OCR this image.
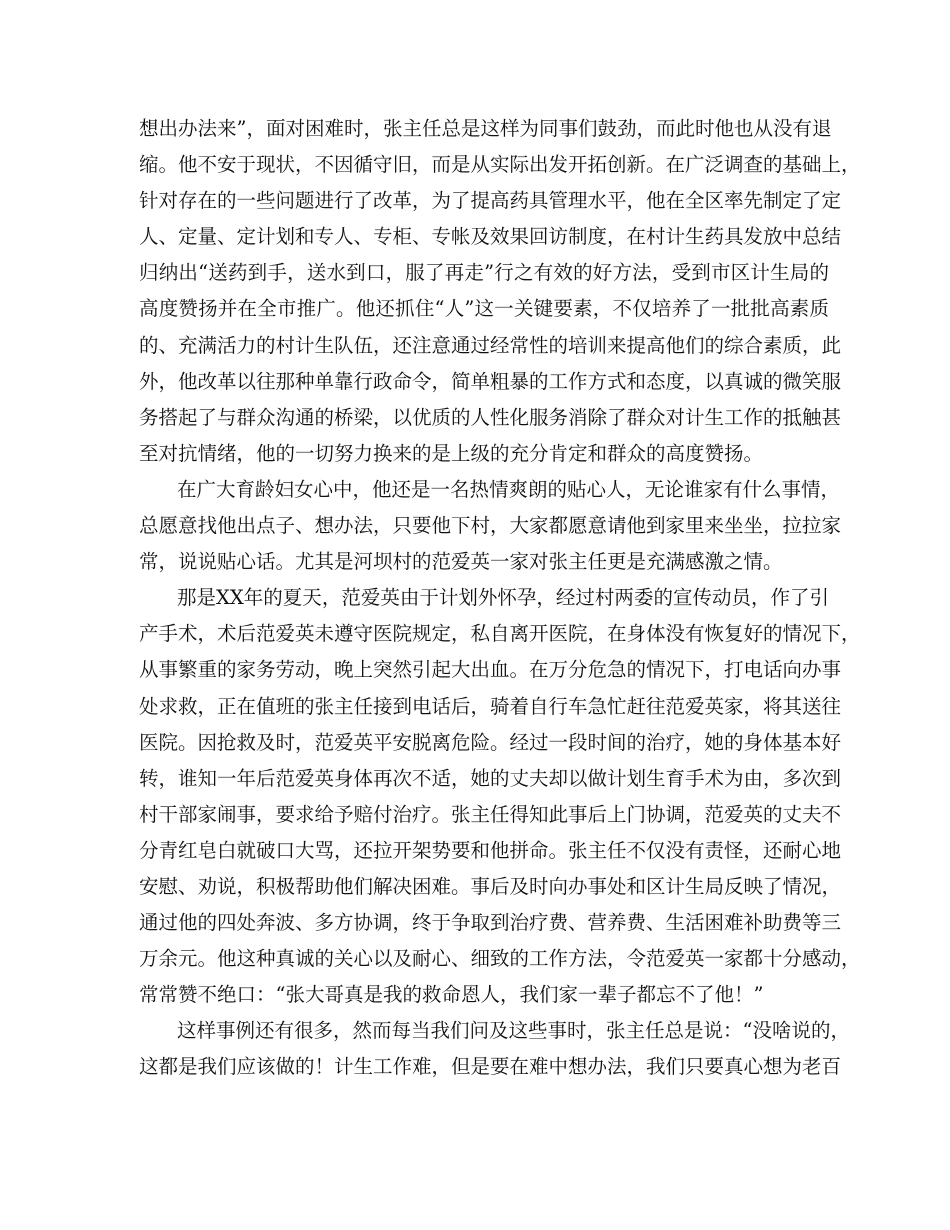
想出办法来”，面对困难时，张主任总是这样为同事们鼓劲，而此时他也从没有退
缩。他不安于现状，不因循守旧，而是从实际出发开拓创新。在广泛调查的基础上，
针对存在的一些问题进行了改革，为了提高药具管理水平，他在全区率先制定了定
人、定量、定计划和专人、专柜、专帐及效果回访制度，在村计生药具发放中总结
归纳出“送药到手，送水到口，服了再走”行之有效的好方法，受到市区计生局的
高度赞扬并在全市推广。他还抓住“人”这一关键要素，不仅培养了一批批高素质
的、充满活力的村计生队伍，还注意通过经常性的培训来提高他们的综合素质，此
外，他改革以往那种单靠行政命令，简单粗暴的工作方式和态度，以真诚的微笑服
务搭起了与群众沟通的桥梁，以优质的人性化服务消除了群众对计生工作的抵触甚
至对抗情绪，他的一切努力换来的是上级的充分肯定和群众的高度赞扬。
在广大育龄妇女心中，他还是一名热情爽朗的贴心人，无论谁家有什么事情，
总愿意找他出点子、想办法，只要他下村，大家都愿意请他到家里来坐坐，拉拉家
常，说说贴心话。尤其是河坝村的范爱英一家对张主任更是充满感激之情。
那是XX年的夏天，范爱英由于计划外怀孕，经过村两委的宣传动员，作了引
产手术，术后范爱英未遵守医院规定，私自离开医院，在身体没有恢复好的情况下，
从事繁重的家务劳动，晚上突然引起大出血。在万分危急的情况下，打电话向办事
处求救，正在值班的张主任接到电话后，骑着自行车急忙赶往范爱英家，将其送往
医院。因抢救及时，范爱英平安脱离危险。经过一段时间的治疗，她的身体基本好
转，谁知一年后范爱英身体再次不适，她的丈夫却以做计划生育手术为由，多次到
村干部家闹事，要求给予赔付治疗。张主任得知此事后上门协调，范爱英的丈夫不
分青红皂白就破口大骂，还拉开架势要和他拼命。张主任不仅没有责怪，还耐心地
安慰、劝说，积极帮助他们解决困难。事后及时向办事处和区计生局反映了情况，
通过他的四处奔波、多方协调，终于争取到治疗费、营养费、生活困难补助费等三
万余元。他这种真诚的关心以及耐心、细致的工作方法，令范爱英一家都十分感动，
常常赞不绝口：“张大哥真是我的救命恩人，我们家一辈子都忘不了他！”
这样事例还有很多，然而每当我们问及这些事时，张主任总是说：“没啥说的，
这都是我们应该做的！计生工作难，但是要在难中想办法，我们只要真心想为老百
